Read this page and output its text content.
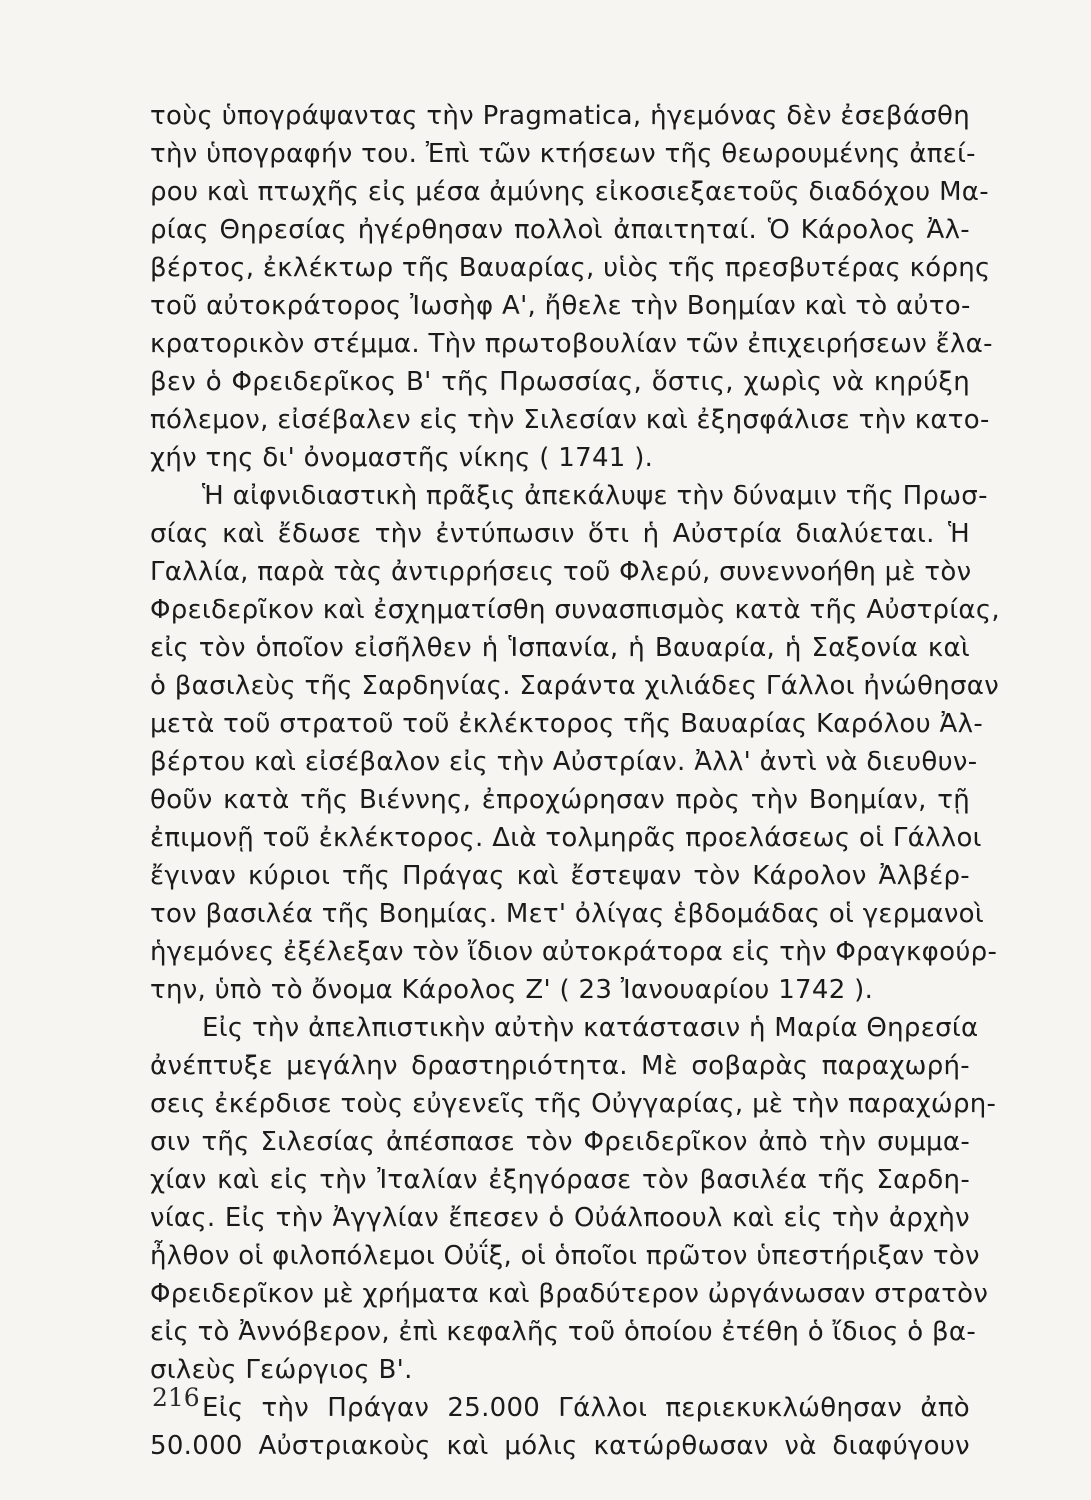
τοὺς ὑπογράψαντας τὴν Pragmatica, ἡγεμόνας δὲν ἐσεβάσθη
τὴν ὑπογραφήν του. Ἐπὶ τῶν κτήσεων τῆς θεωρουμένης ἀπεί-
ρου καὶ πτωχῆς εἰς μέσα ἀμύνης εἰκοσιεξαετοῦς διαδόχου Μα-
ρίας Θηρεσίας ἠγέρθησαν πολλοὶ ἀπαιτηταί. Ὁ Κάρολος Ἀλ-
βέρτος, ἐκλέκτωρ τῆς Βαυαρίας, υἱὸς τῆς πρεσβυτέρας κόρης
τοῦ αὐτοκράτορος Ἰωσὴφ Α', ἤθελε τὴν Βοημίαν καὶ τὸ αὐτο-
κρατορικὸν στέμμα. Τὴν πρωτοβουλίαν τῶν ἐπιχειρήσεων ἔλα-
βεν ὁ Φρειδερῖκος Β' τῆς Πρωσσίας, ὅστις, χωρὶς νὰ κηρύξη
πόλεμον, εἰσέβαλεν εἰς τὴν Σιλεσίαν καὶ ἐξησφάλισε τὴν κατο-
χήν της δι' ὀνομαστῆς νίκης ( 1741 ).
Ἡ αἰφνιδιαστικὴ πρᾶξις ἀπεκάλυψε τὴν δύναμιν τῆς Πρωσ-
σίας καὶ ἔδωσε τὴν ἐντύπωσιν ὅτι ἡ Αὐστρία διαλύεται. Ἡ
Γαλλία, παρὰ τὰς ἀντιρρήσεις τοῦ Φλερύ, συνεννοήθη μὲ τὸν
Φρειδερῖκον καὶ ἐσχηματίσθη συνασπισμὸς κατὰ τῆς Αὐστρίας,
εἰς τὸν ὁποῖον εἰσῆλθεν ἡ Ἱσπανία, ἡ Βαυαρία, ἡ Σαξονία καὶ
ὁ βασιλεὺς τῆς Σαρδηνίας. Σαράντα χιλιάδες Γάλλοι ἠνώθησαν
μετὰ τοῦ στρατοῦ τοῦ ἐκλέκτορος τῆς Βαυαρίας Καρόλου Ἀλ-
βέρτου καὶ εἰσέβαλον εἰς τὴν Αὐστρίαν. Ἀλλ' ἀντὶ νὰ διευθυν-
θοῦν κατὰ τῆς Βιέννης, ἐπροχώρησαν πρὸς τὴν Βοημίαν, τῇ
ἐπιμονῇ τοῦ ἐκλέκτορος. Διὰ τολμηρᾶς προελάσεως οἱ Γάλλοι
ἔγιναν κύριοι τῆς Πράγας καὶ ἔστεψαν τὸν Κάρολον Ἀλβέρ-
τον βασιλέα τῆς Βοημίας. Μετ' ὀλίγας ἑβδομάδας οἱ γερμανοὶ
ἡγεμόνες ἐξέλεξαν τὸν ἴδιον αὐτοκράτορα εἰς τὴν Φραγκφούρ-
την, ὑπὸ τὸ ὄνομα Κάρολος Ζ' ( 23 Ἰανουαρίου 1742 ).
Εἰς τὴν ἀπελπιστικὴν αὐτὴν κατάστασιν ἡ Μαρία Θηρεσία
ἀνέπτυξε μεγάλην δραστηριότητα. Μὲ σοβαρὰς παραχωρή-
σεις ἐκέρδισε τοὺς εὐγενεῖς τῆς Οὐγγαρίας, μὲ τὴν παραχώρη-
σιν τῆς Σιλεσίας ἀπέσπασε τὸν Φρειδερῖκον ἀπὸ τὴν συμμα-
χίαν καὶ εἰς τὴν Ἰταλίαν ἐξηγόρασε τὸν βασιλέα τῆς Σαρδη-
νίας. Εἰς τὴν Ἀγγλίαν ἔπεσεν ὁ Οὐάλποουλ καὶ εἰς τὴν ἀρχὴν
ἦλθον οἱ φιλοπόλεμοι Οὐΐξ, οἱ ὁποῖοι πρῶτον ὑπεστήριξαν τὸν
Φρειδερῖκον μὲ χρήματα καὶ βραδύτερον ὠργάνωσαν στρατὸν
εἰς τὸ Ἀννόβερον, ἐπὶ κεφαλῆς τοῦ ὁποίου ἐτέθη ὁ ἴδιος ὁ βα-
σιλεὺς Γεώργιος Β'.
Εἰς τὴν Πράγαν 25.000 Γάλλοι περιεκυκλώθησαν ἀπὸ
50.000 Αὐστριακοὺς καὶ μόλις κατώρθωσαν νὰ διαφύγουν
216
